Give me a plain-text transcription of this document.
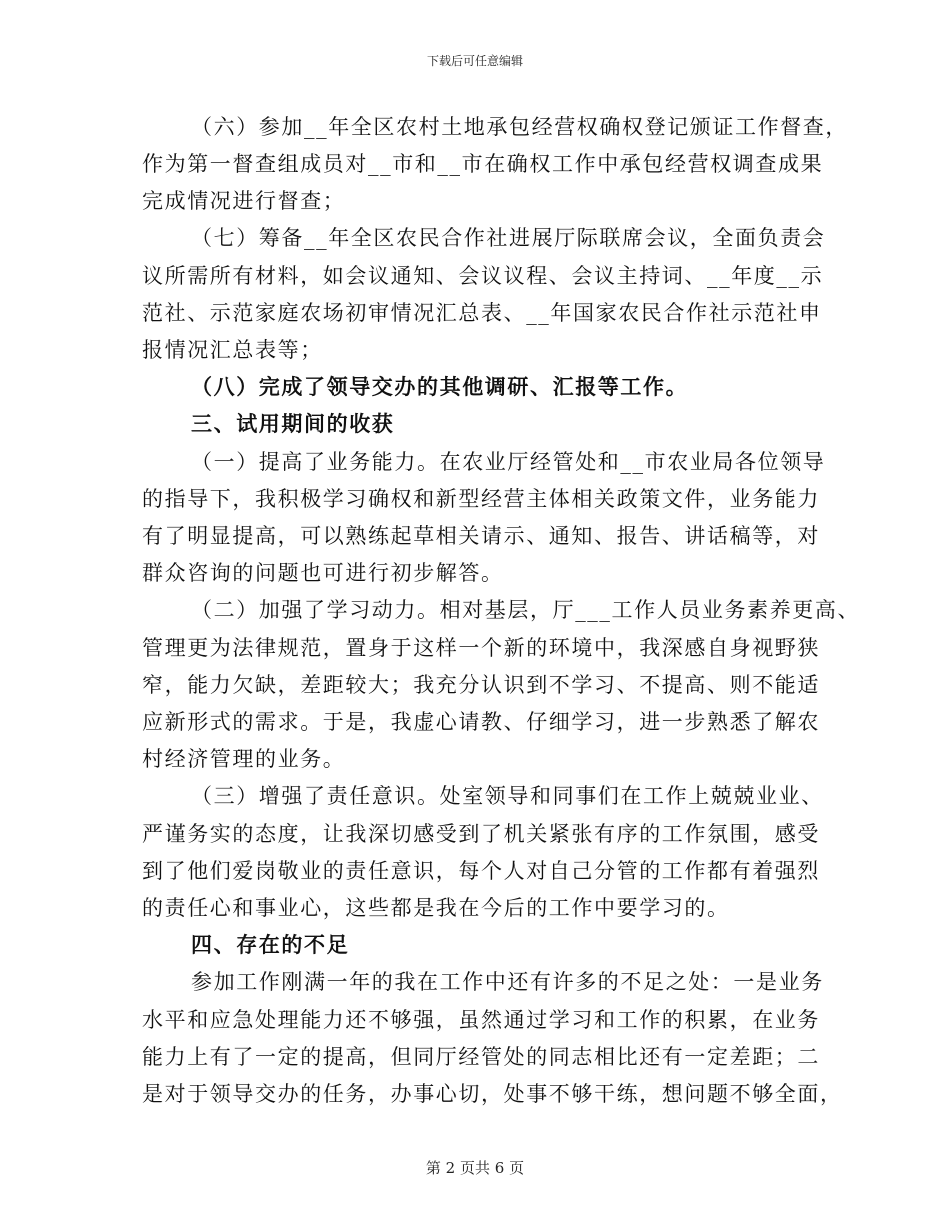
下载后可任意编辑
（六）参加__年全区农村土地承包经营权确权登记颁证工作督查，
作为第一督查组成员对__市和__市在确权工作中承包经营权调查成果
完成情况进行督查；
（七）筹备__年全区农民合作社进展厅际联席会议，全面负责会
议所需所有材料，如会议通知、会议议程、会议主持词、__年度__示
范社、示范家庭农场初审情况汇总表、__年国家农民合作社示范社申
报情况汇总表等；
（八）完成了领导交办的其他调研、汇报等工作。
三、试用期间的收获
（一）提高了业务能力。在农业厅经管处和__市农业局各位领导
的指导下，我积极学习确权和新型经营主体相关政策文件，业务能力
有了明显提高，可以熟练起草相关请示、通知、报告、讲话稿等，对
群众咨询的问题也可进行初步解答。
（二）加强了学习动力。相对基层，厅___工作人员业务素养更高、
管理更为法律规范，置身于这样一个新的环境中，我深感自身视野狭
窄，能力欠缺，差距较大；我充分认识到不学习、不提高、则不能适
应新形式的需求。于是，我虚心请教、仔细学习，进一步熟悉了解农
村经济管理的业务。
（三）增强了责任意识。处室领导和同事们在工作上兢兢业业、
严谨务实的态度，让我深切感受到了机关紧张有序的工作氛围，感受
到了他们爱岗敬业的责任意识，每个人对自己分管的工作都有着强烈
的责任心和事业心，这些都是我在今后的工作中要学习的。
四、存在的不足
参加工作刚满一年的我在工作中还有许多的不足之处：一是业务
水平和应急处理能力还不够强，虽然通过学习和工作的积累，在业务
能力上有了一定的提高，但同厅经管处的同志相比还有一定差距；二
是对于领导交办的任务，办事心切，处事不够干练，想问题不够全面，
第 2 页共 6 页
